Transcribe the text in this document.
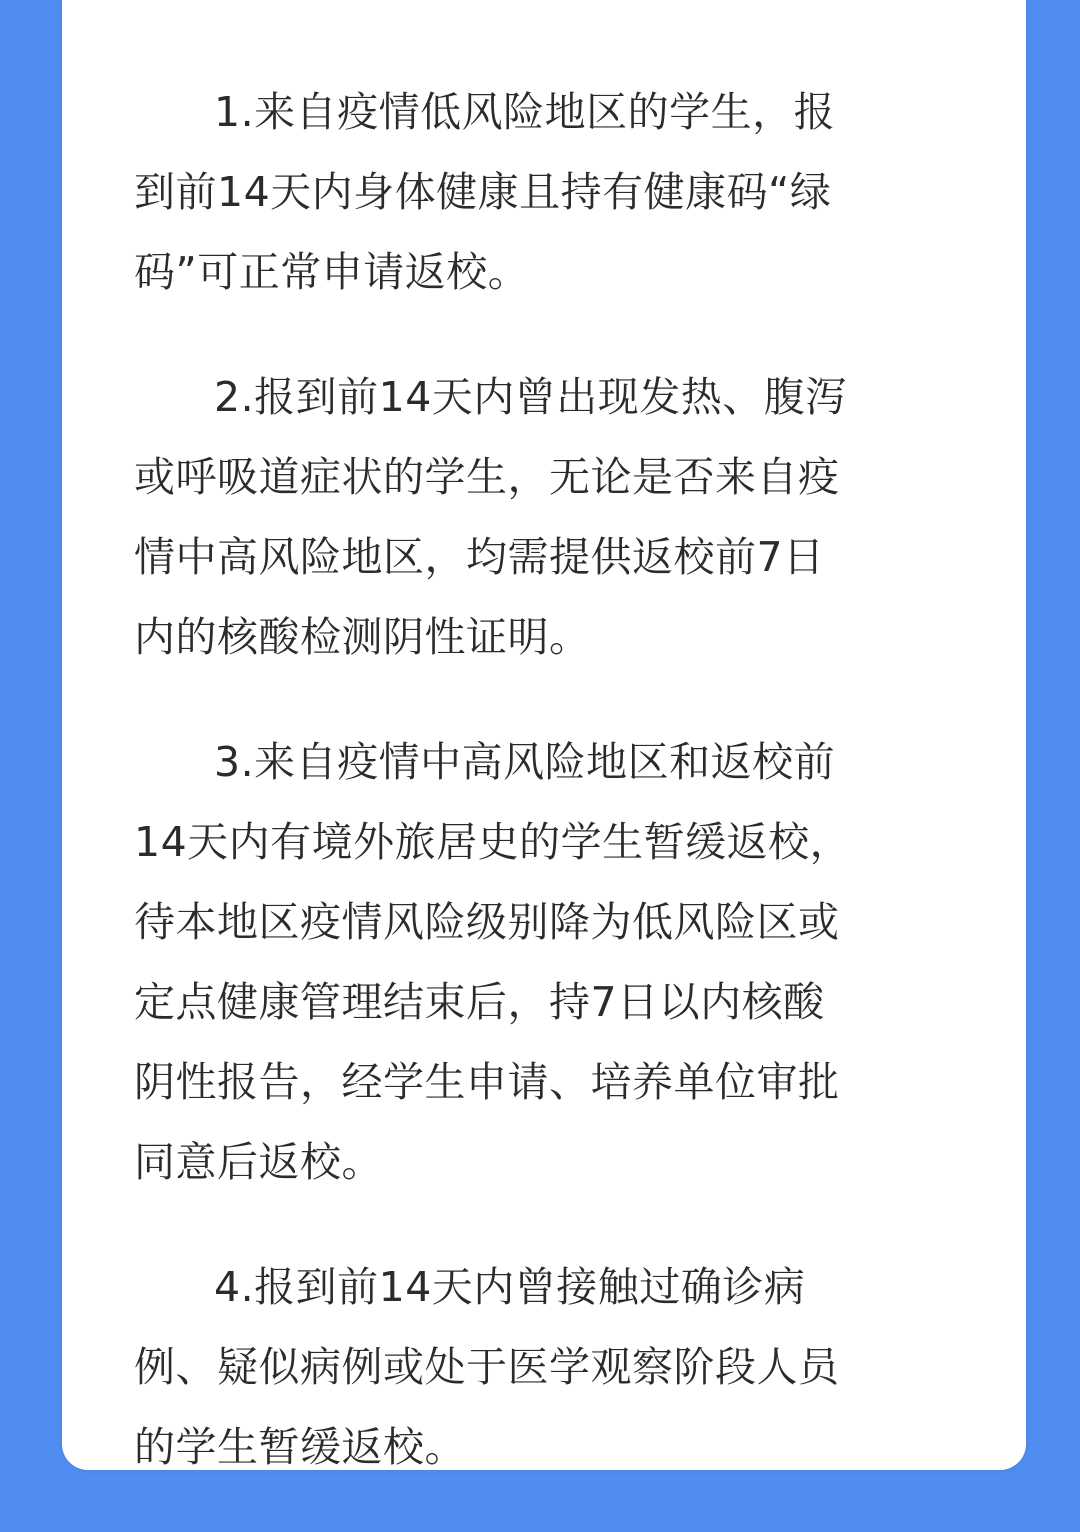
1.来自疫情低风险地区的学生，报
到前14天内身体健康且持有健康码“绿
码”可正常申请返校。

2.报到前14天内曾出现发热、腹泻
或呼吸道症状的学生，无论是否来自疫
情中高风险地区，均需提供返校前7日
内的核酸检测阴性证明。

3.来自疫情中高风险地区和返校前
14天内有境外旅居史的学生暂缓返校，
待本地区疫情风险级别降为低风险区或
定点健康管理结束后，持7日以内核酸
阴性报告，经学生申请、培养单位审批
同意后返校。

4.报到前14天内曾接触过确诊病
例、疑似病例或处于医学观察阶段人员
的学生暂缓返校。
